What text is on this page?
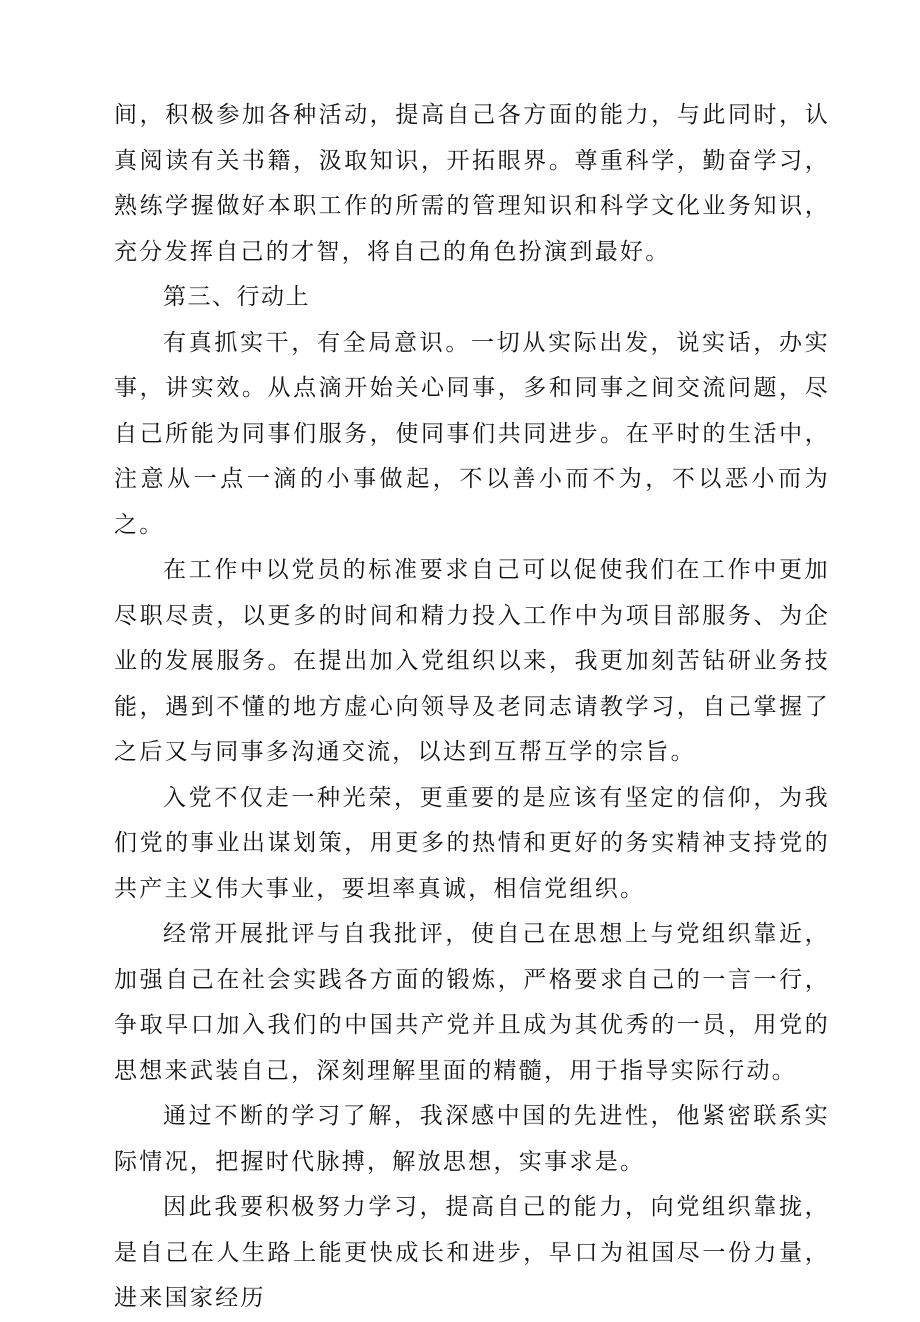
间，积极参加各种活动，提高自己各方面的能力，与此同时，认真阅读有关书籍，汲取知识，开拓眼界。尊重科学，勤奋学习，熟练学握做好本职工作的所需的管理知识和科学文化业务知识，充分发挥自己的才智，将自己的角色扮演到最好。

第三、行动上

有真抓实干，有全局意识。一切从实际出发，说实话，办实事，讲实效。从点滴开始关心同事，多和同事之间交流问题，尽自己所能为同事们服务，使同事们共同进步。在平时的生活中，注意从一点一滴的小事做起，不以善小而不为，不以恶小而为之。

在工作中以党员的标准要求自己可以促使我们在工作中更加尽职尽责，以更多的时间和精力投入工作中为项目部服务、为企业的发展服务。在提出加入党组织以来，我更加刻苦钻研业务技能，遇到不懂的地方虚心向领导及老同志请教学习，自己掌握了之后又与同事多沟通交流，以达到互帮互学的宗旨。

入党不仅走一种光荣，更重要的是应该有坚定的信仰，为我们党的事业出谋划策，用更多的热情和更好的务实精神支持党的共产主义伟大事业，要坦率真诚，相信党组织。

经常开展批评与自我批评，使自己在思想上与党组织靠近，加强自己在社会实践各方面的锻炼，严格要求自己的一言一行，争取早口加入我们的中国共产党并且成为其优秀的一员，用党的思想来武装自己，深刻理解里面的精髓，用于指导实际行动。

通过不断的学习了解，我深感中国的先进性，他紧密联系实际情况，把握时代脉搏，解放思想，实事求是。

因此我要积极努力学习，提高自己的能力，向党组织靠拢，是自己在人生路上能更快成长和进步，早口为祖国尽一份力量，进来国家经历
